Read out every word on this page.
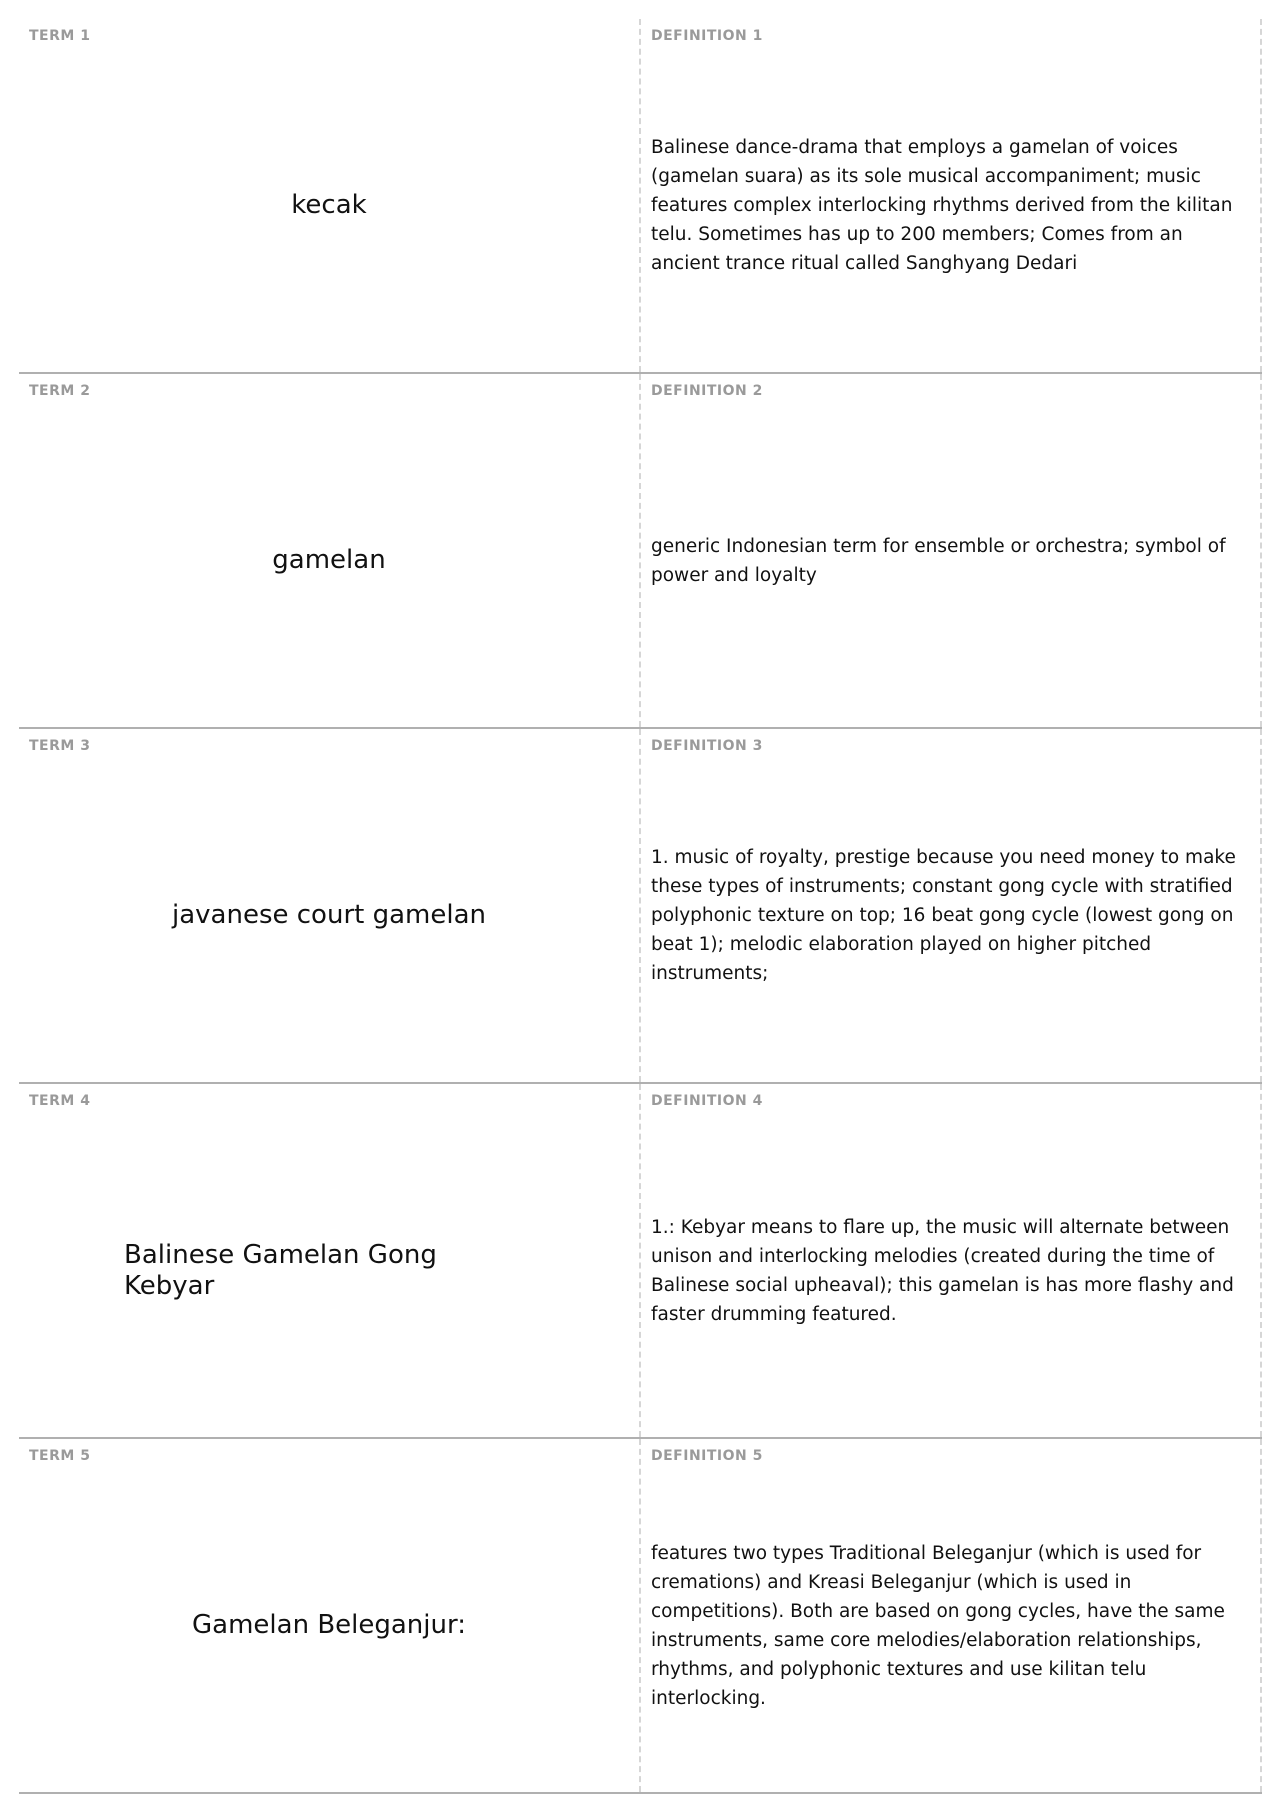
TERM 1
kecak
DEFINITION 1
Balinese dance-drama that employs a gamelan of voices (gamelan suara) as its sole musical accompaniment; music features complex interlocking rhythms derived from the kilitan telu. Sometimes has up to 200 members; Comes from an ancient trance ritual called Sanghyang Dedari
TERM 2
gamelan
DEFINITION 2
generic Indonesian term for ensemble or orchestra; symbol of power and loyalty
TERM 3
javanese court gamelan
DEFINITION 3
1. music of royalty, prestige because you need money to make these types of instruments; constant gong cycle with stratified polyphonic texture on top; 16 beat gong cycle (lowest gong on beat 1); melodic elaboration played on higher pitched instruments;
TERM 4
Balinese Gamelan Gong Kebyar
DEFINITION 4
1.: Kebyar means to flare up, the music will alternate between unison and interlocking melodies (created during the time of Balinese social upheaval); this gamelan is has more flashy and faster drumming featured.
TERM 5
Gamelan Beleganjur:
DEFINITION 5
features two types Traditional Beleganjur (which is used for cremations) and Kreasi Beleganjur (which is used in competitions). Both are based on gong cycles, have the same instruments, same core melodies/elaboration relationships, rhythms, and polyphonic textures and use kilitan telu interlocking.
